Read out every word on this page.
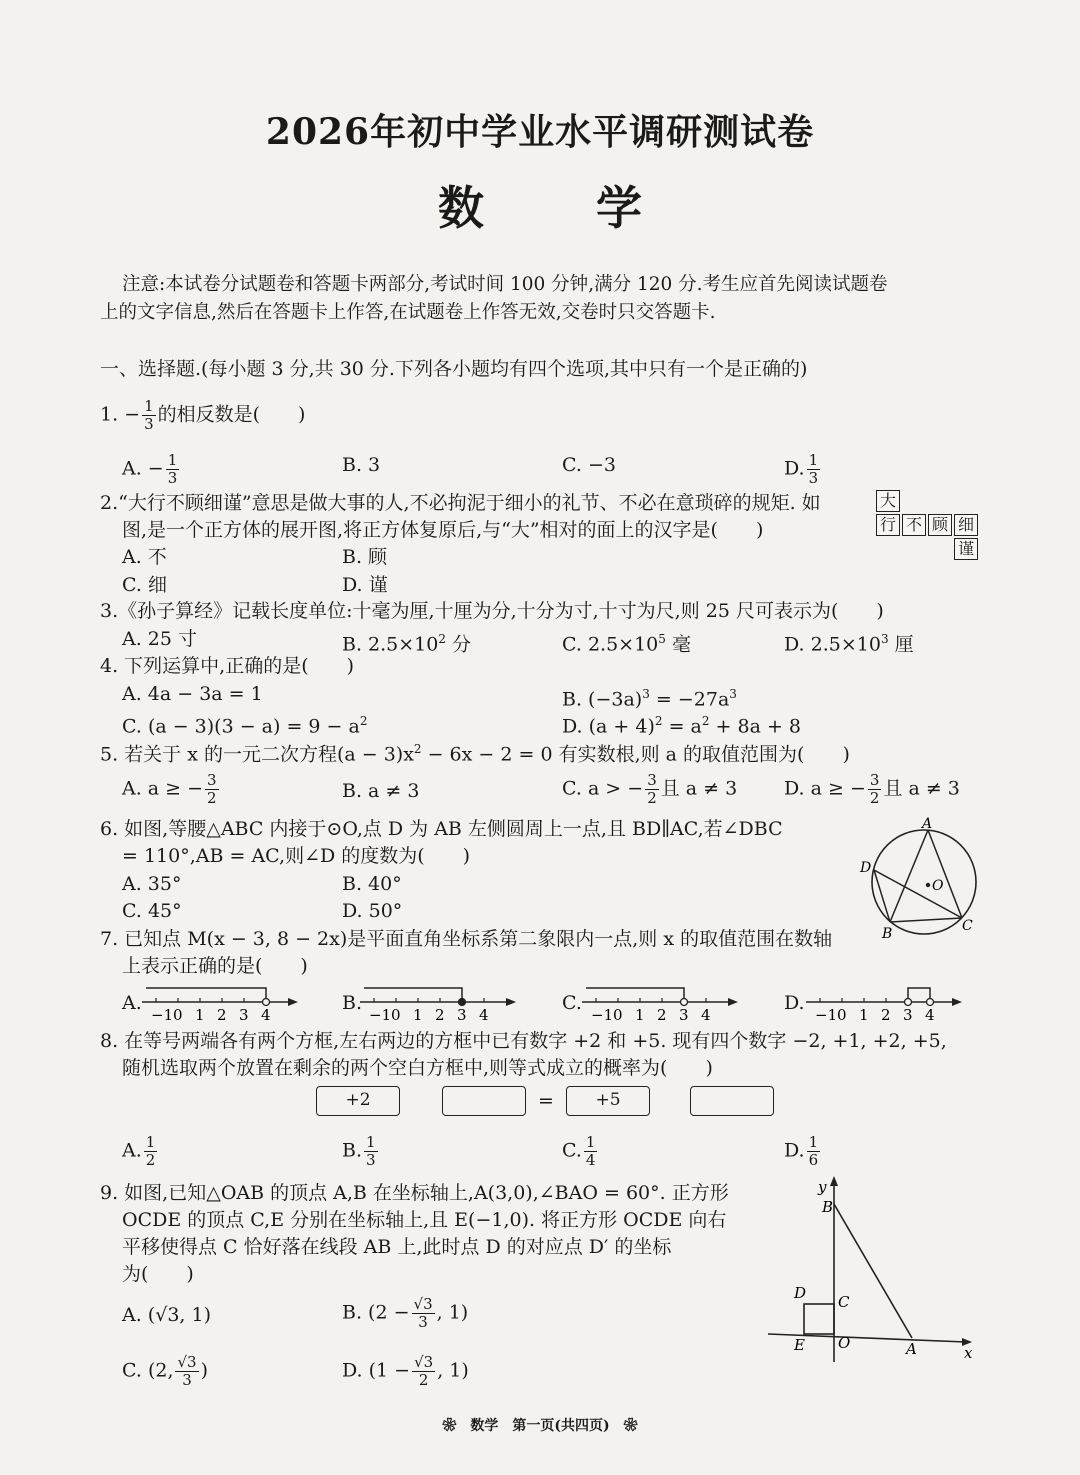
2026年初中学业水平调研测试卷
数 学
注意:本试卷分试题卷和答题卡两部分,考试时间 100 分钟,满分 120 分.考生应首先阅读试题卷
上的文字信息,然后在答题卡上作答,在试题卷上作答无效,交卷时只交答题卡.
一、选择题.(每小题 3 分,共 30 分.下列各小题均有四个选项,其中只有一个是正确的)
1. − $\frac{1}{3}$ 的相反数是(　　)
A. − $\frac{1}{3}$	B. 3	C. −3	D. $\frac{1}{3}$
2.“大行不顾细谨”意思是做大事的人,不必拘泥于细小的礼节、不必在意琐碎的规矩. 如
图,是一个正方体的展开图,将正方体复原后,与“大”相对的面上的汉字是(　　)
A. 不	B. 顾
C. 细	D. 谨
大
行 不 顾 细
谨
3.《孙子算经》记载长度单位:十毫为厘,十厘为分,十分为寸,十寸为尺,则 25 尺可表示为(　　)
A. 25 寸	B. $2.5\times 10^2$ 分	C. $2.5\times 10^5$ 毫	D. $2.5\times 10^3$ 厘
4. 下列运算中,正确的是(　　)
A. 4a − 3a = 1	B. $(-3a)^3 = -27a^3$
C. $(a - 3)(3 - a) = 9 - a^2$	D. $(a + 4)^2 = a^2 + 8a + 8$
5. 若关于 x 的一元二次方程$(a - 3)x^2 - 6x - 2 = 0$ 有实数根,则 a 的取值范围为(　　)
A. a ≥ − $\frac{3}{2}$	B. a ≠ 3	C. a > − $\frac{3}{2}$ 且 a ≠ 3 D. a ≥ − $\frac{3}{2}$ 且 a ≠ 3
6. 如图,等腰△ABC 内接于⊙O,点 D 为 AB 左侧圆周上一点,且 BD∥AC,若∠DBC
= 110°,AB = AC,则∠D 的度数为(　　)
A. 35°	B. 40°
C. 45°	D. 50°
A
D
O
B	C
7. 已知点 M(x − 3, 8 − 2x)是平面直角坐标系第二象限内一点,则 x 的取值范围在数轴
上表示正确的是(　　)
A.	B.	C.	D.
−1 0 1 2 3 4	−1 0 1 2 3 4	−1 0 1 2 3 4	−1 0 1 2 3 4
8. 在等号两端各有两个方框,左右两边的方框中已有数字 +2 和 +5. 现有四个数字 −2, +1, +2, +5,
随机选取两个放置在剩余的两个空白方框中,则等式成立的概率为(　　)
+2	=	+5
A. $\frac{1}{2}$	B. $\frac{1}{3}$	C. $\frac{1}{4}$	D. $\frac{1}{6}$
9. 如图,已知△OAB 的顶点 A,B 在坐标轴上,A(3,0),∠BAO = 60°. 正方形
OCDE 的顶点 C,E 分别在坐标轴上,且 E(−1,0). 将正方形 OCDE 向右
平移使得点 C 恰好落在线段 AB 上,此时点 D 的对应点 D′ 的坐标
为(　　)
A. (√3, 1)	B. ($2 - \frac{√3}{3}$ , 1)
C. (2, $\frac{√3}{3}$ )	D. ($1 - \frac{√3}{2}$ , 1)
y
B
C
D
E O	A	x
❀　数学　第一页(共四页)　❀
